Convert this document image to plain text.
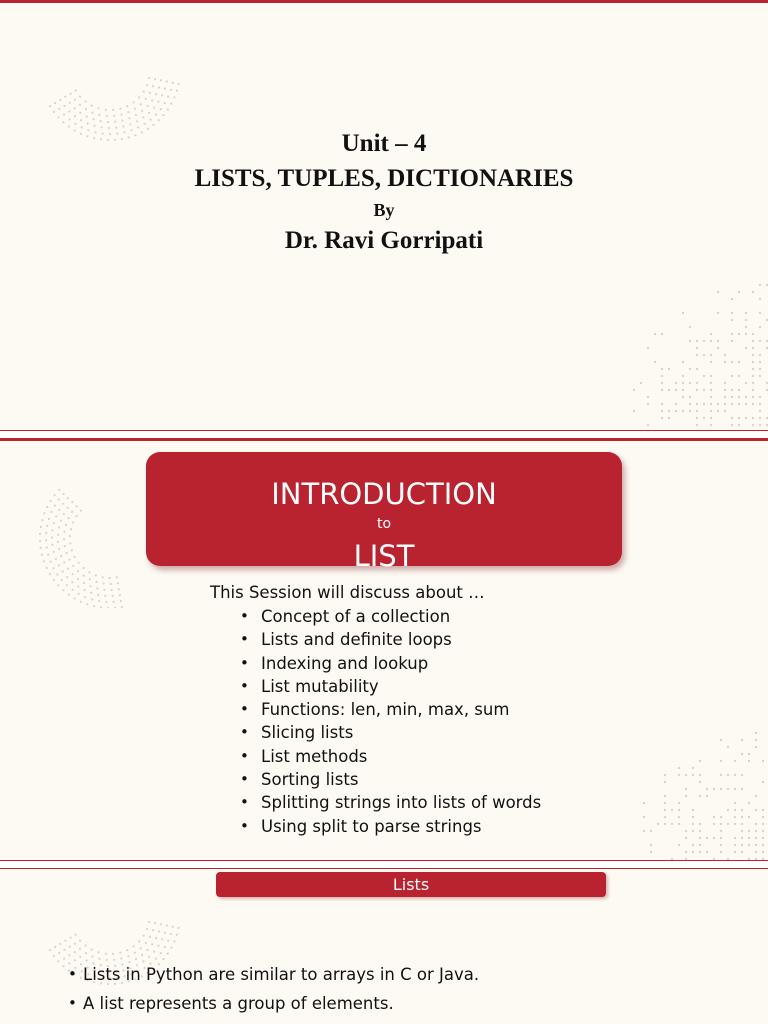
Unit – 4
LISTS, TUPLES, DICTIONARIES
By
Dr. Ravi Gorripati
INTRODUCTION
to
LIST
This Session will discuss about …
• Concept of a collection
• Lists and definite loops
• Indexing and lookup
• List mutability
• Functions: len, min, max, sum
• Slicing lists
• List methods
• Sorting lists
• Splitting strings into lists of words
• Using split to parse strings
Lists
• Lists in Python are similar to arrays in C or Java.
• A list represents a group of elements.
